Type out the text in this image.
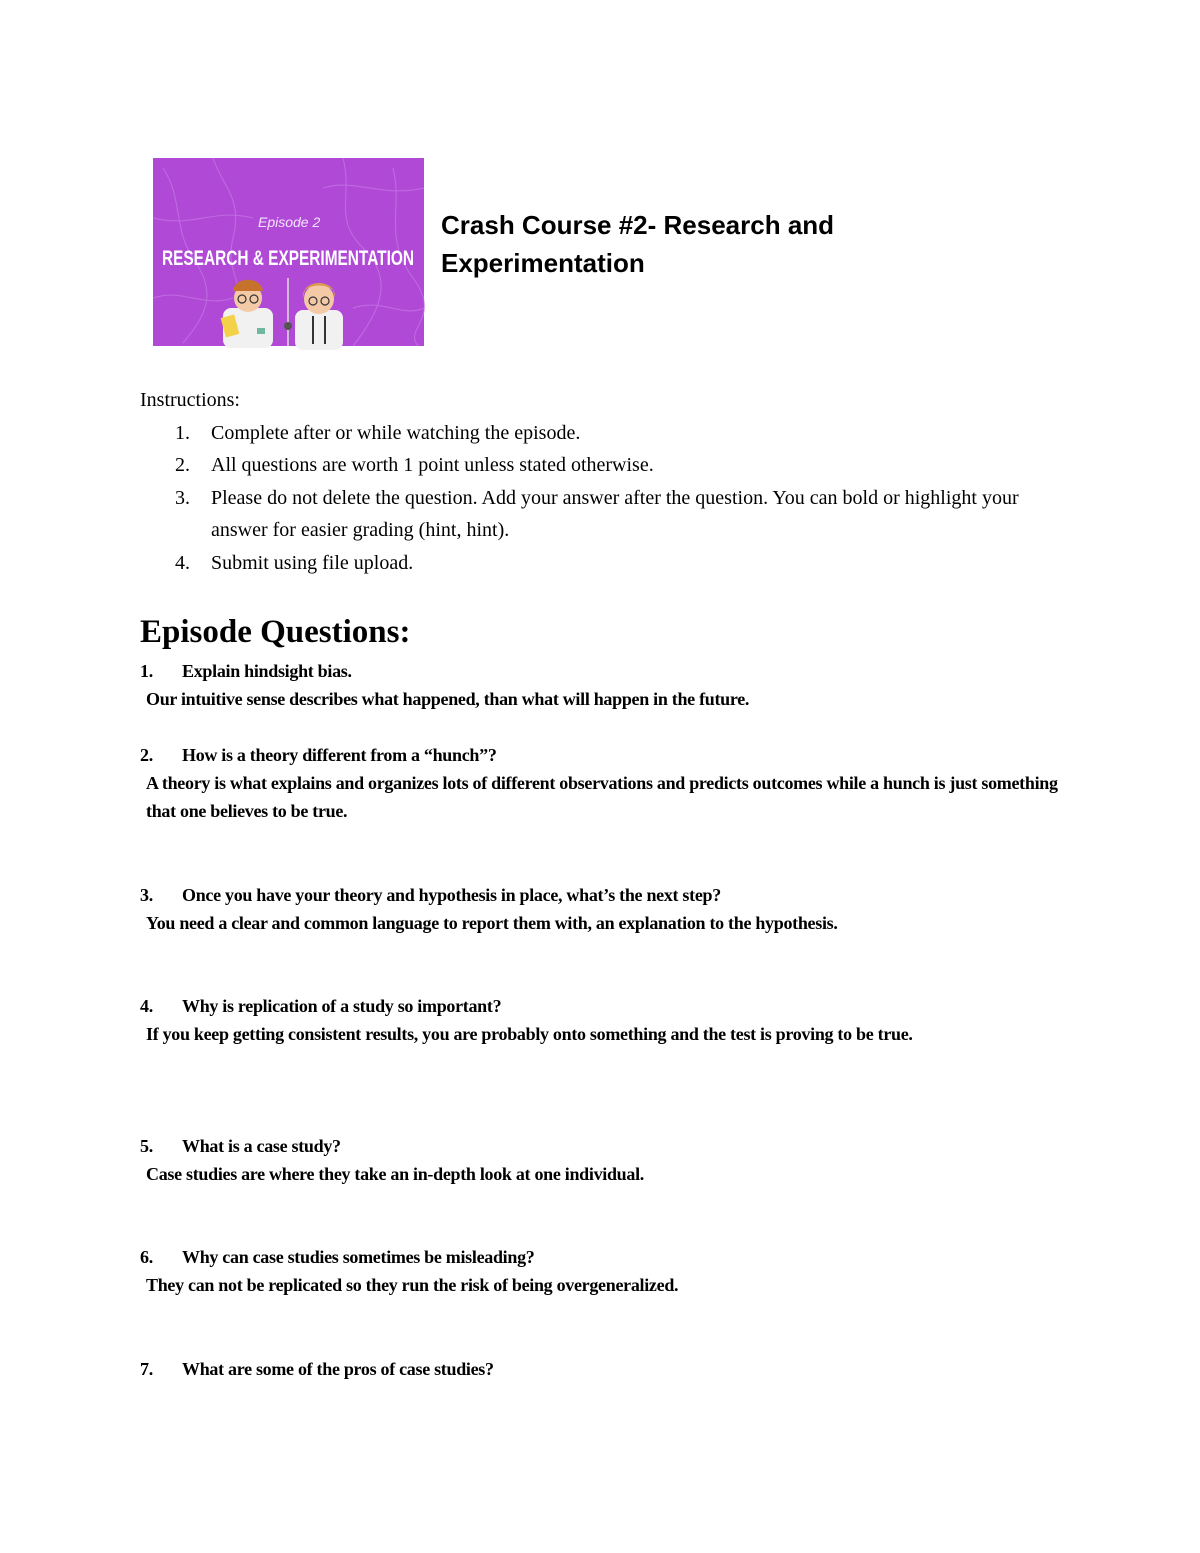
Episode 2
RESEARCH & EXPERIMENTATION
Crash Course #2- Research and Experimentation

Instructions:

1. Complete after or while watching the episode.
2. All questions are worth 1 point unless stated otherwise.
3. Please do not delete the question. Add your answer after the question. You can bold or highlight your answer for easier grading (hint, hint).
4. Submit using file upload.
Episode Questions:
1. Explain hindsight bias.
Our intuitive sense describes what happened, than what will happen in the future.
2. How is a theory different from a “hunch”?
A theory is what explains and organizes lots of different observations and predicts outcomes while a hunch is just something that one believes to be true.
3. Once you have your theory and hypothesis in place, what’s the next step?
You need a clear and common language to report them with, an explanation to the hypothesis.
4. Why is replication of a study so important?
If you keep getting consistent results, you are probably onto something and the test is proving to be true.
5. What is a case study?
Case studies are where they take an in-depth look at one individual.
6. Why can case studies sometimes be misleading?
They can not be replicated so they run the risk of being overgeneralized.
7. What are some of the pros of case studies?
